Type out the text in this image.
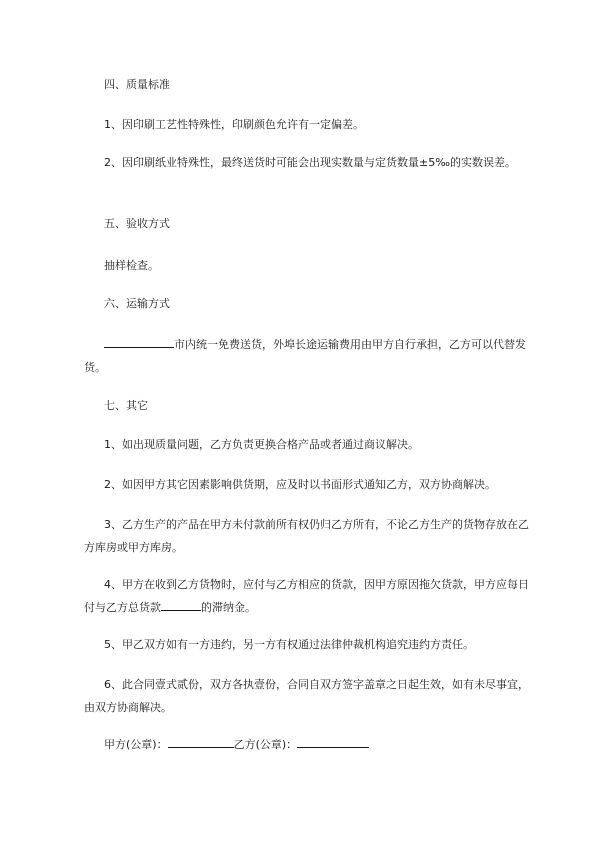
四、质量标准

1、因印刷工艺性特殊性，印刷颜色允许有一定偏差。

2、因印刷纸业特殊性，最终送货时可能会出现实数量与定货数量±5‰的实数误差。

五、验收方式

抽样检查。

六、运输方式

市内统一免费送货，外埠长途运输费用由甲方自行承担，乙方可以代替发货。

七、其它

1、如出现质量问题，乙方负责更换合格产品或者通过商议解决。

2、如因甲方其它因素影响供货期，应及时以书面形式通知乙方，双方协商解决。

3、乙方生产的产品在甲方未付款前所有权仍归乙方所有，不论乙方生产的货物存放在乙方库房或甲方库房。

4、甲方在收到乙方货物时，应付与乙方相应的货款，因甲方原因拖欠货款，甲方应每日付与乙方总货款	的滞纳金。

5、甲乙双方如有一方违约，另一方有权通过法律仲裁机构追究违约方责任。

6、此合同壹式贰份，双方各执壹份，合同自双方签字盖章之日起生效，如有未尽事宜，由双方协商解决。

甲方(公章)：	乙方(公章)：
